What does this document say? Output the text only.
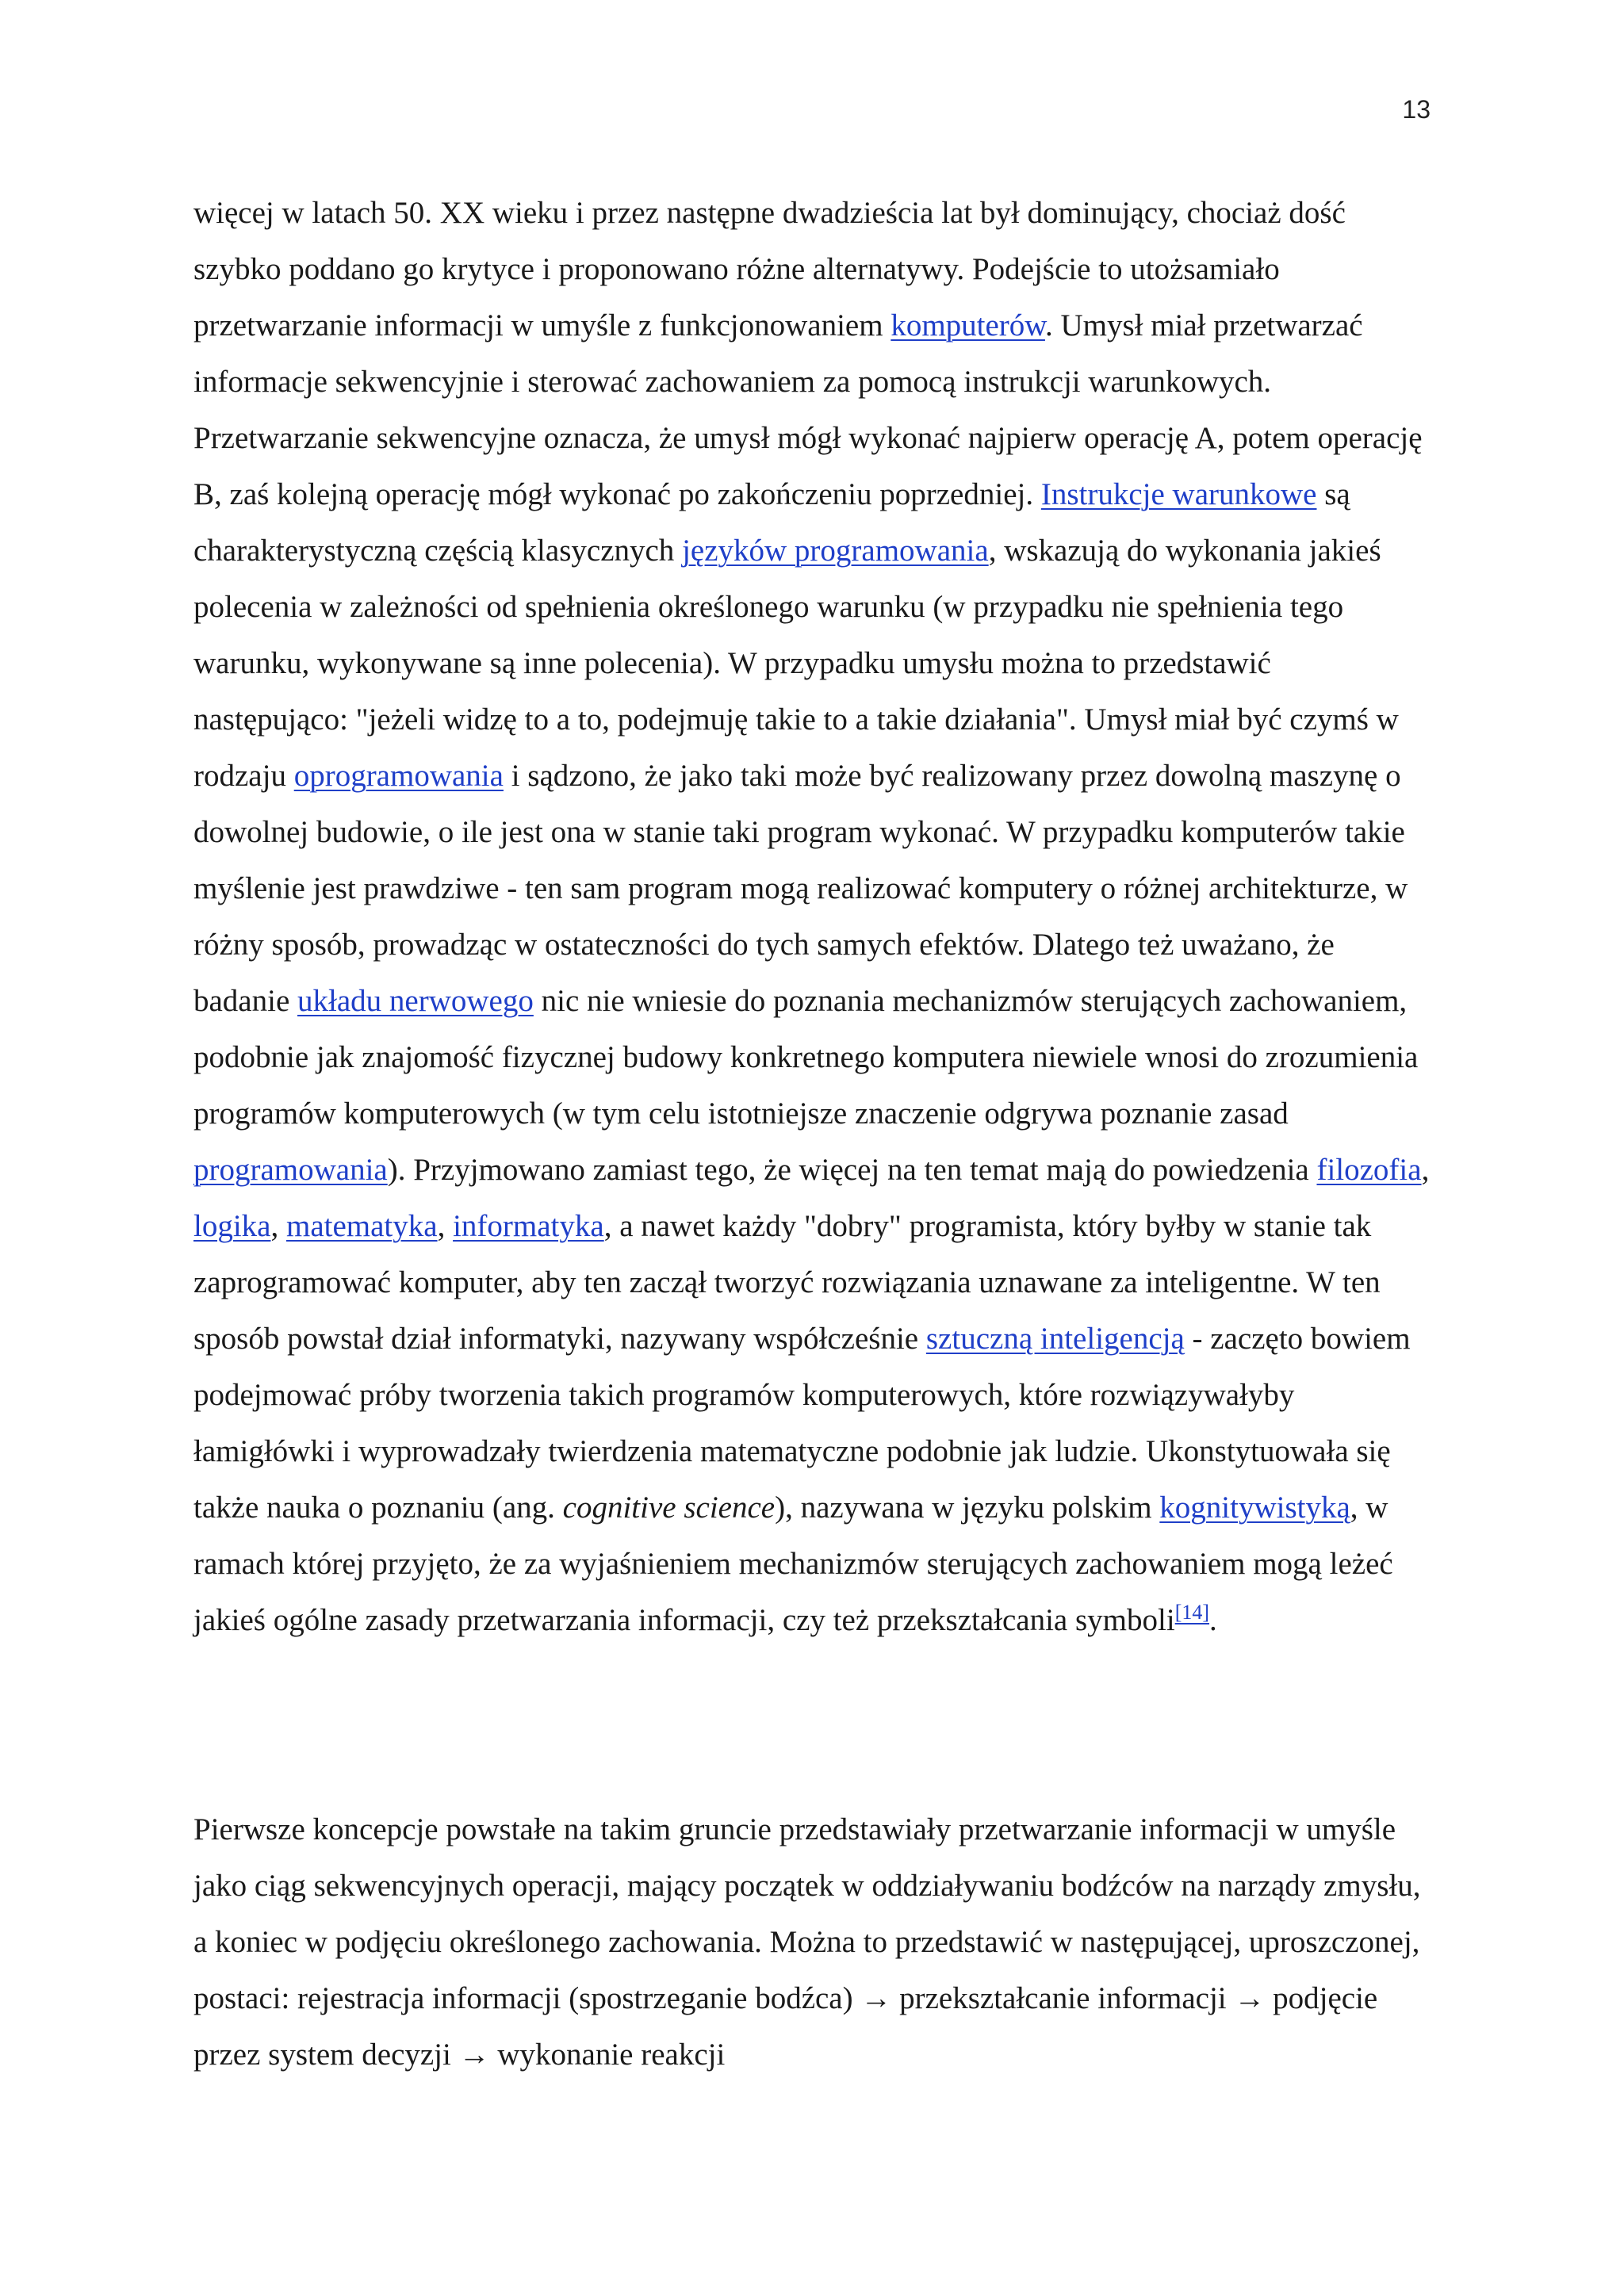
13

więcej w latach 50. XX wieku i przez następne dwadzieścia lat był dominujący, chociaż dość szybko poddano go krytyce i proponowano różne alternatywy. Podejście to utożsamiało przetwarzanie informacji w umyśle z funkcjonowaniem komputerów. Umysł miał przetwarzać informacje sekwencyjnie i sterować zachowaniem za pomocą instrukcji warunkowych. Przetwarzanie sekwencyjne oznacza, że umysł mógł wykonać najpierw operację A, potem operację B, zaś kolejną operację mógł wykonać po zakończeniu poprzedniej. Instrukcje warunkowe są charakterystyczną częścią klasycznych języków programowania, wskazują do wykonania jakieś polecenia w zależności od spełnienia określonego warunku (w przypadku nie spełnienia tego warunku, wykonywane są inne polecenia). W przypadku umysłu można to przedstawić następująco: "jeżeli widzę to a to, podejmuję takie to a takie działania". Umysł miał być czymś w rodzaju oprogramowania i sądzono, że jako taki może być realizowany przez dowolną maszynę o dowolnej budowie, o ile jest ona w stanie taki program wykonać. W przypadku komputerów takie myślenie jest prawdziwe - ten sam program mogą realizować komputery o różnej architekturze, w różny sposób, prowadząc w ostateczności do tych samych efektów. Dlatego też uważano, że badanie układu nerwowego nic nie wniesie do poznania mechanizmów sterujących zachowaniem, podobnie jak znajomość fizycznej budowy konkretnego komputera niewiele wnosi do zrozumienia programów komputerowych (w tym celu istotniejsze znaczenie odgrywa poznanie zasad programowania). Przyjmowano zamiast tego, że więcej na ten temat mają do powiedzenia filozofia, logika, matematyka, informatyka, a nawet każdy "dobry" programista, który byłby w stanie tak zaprogramować komputer, aby ten zaczął tworzyć rozwiązania uznawane za inteligentne. W ten sposób powstał dział informatyki, nazywany współcześnie sztuczną inteligencją - zaczęto bowiem podejmować próby tworzenia takich programów komputerowych, które rozwiązywałyby łamigłówki i wyprowadzały twierdzenia matematyczne podobnie jak ludzie. Ukonstytuowała się także nauka o poznaniu (ang. cognitive science), nazywana w języku polskim kognitywistyką, w ramach której przyjęto, że za wyjaśnieniem mechanizmów sterujących zachowaniem mogą leżeć jakieś ogólne zasady przetwarzania informacji, czy też przekształcania symboli[14].

Pierwsze koncepcje powstałe na takim gruncie przedstawiały przetwarzanie informacji w umyśle jako ciąg sekwencyjnych operacji, mający początek w oddziaływaniu bodźców na narządy zmysłu, a koniec w podjęciu określonego zachowania. Można to przedstawić w następującej, uproszczonej, postaci: rejestracja informacji (spostrzeganie bodźca) → przekształcanie informacji → podjęcie przez system decyzji → wykonanie reakcji
